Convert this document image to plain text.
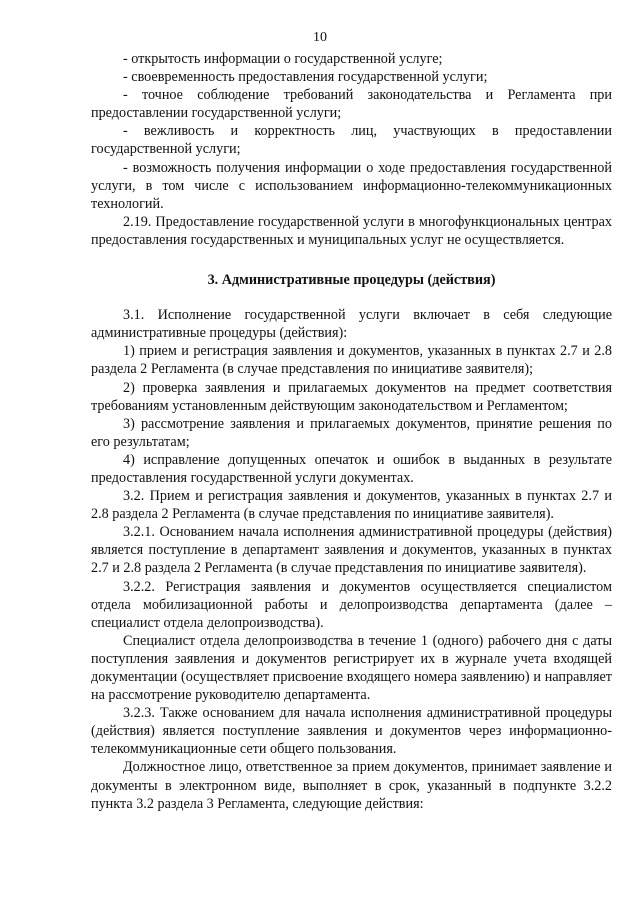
10

- открытость информации о государственной услуге;

- своевременность предоставления государственной услуги;

- точное соблюдение требований законодательства и Регламента при предоставлении государственной услуги;

- вежливость и корректность лиц, участвующих в предоставлении государственной услуги;

- возможность получения информации о ходе предоставления государственной услуги, в том числе с использованием информационно-телекоммуникационных технологий.

2.19. Предоставление государственной услуги в многофункциональных центрах предоставления государственных и муниципальных услуг не осуществляется.

3. Административные процедуры (действия)

3.1. Исполнение государственной услуги включает в себя следующие административные процедуры (действия):

1) прием и регистрация заявления и документов, указанных в пунктах 2.7 и 2.8 раздела 2 Регламента (в случае представления по инициативе заявителя);

2) проверка заявления и прилагаемых документов на предмет соответствия требованиям установленным действующим законодательством и Регламентом;

3) рассмотрение заявления и прилагаемых документов, принятие решения по его результатам;

4) исправление допущенных опечаток и ошибок в выданных в результате предоставления государственной услуги документах.

3.2. Прием и регистрация заявления и документов, указанных в пунктах 2.7 и 2.8 раздела 2 Регламента (в случае представления по инициативе заявителя).

3.2.1. Основанием начала исполнения административной процедуры (действия) является поступление в департамент заявления и документов, указанных в пунктах 2.7 и 2.8 раздела 2 Регламента (в случае представления по инициативе заявителя).

3.2.2. Регистрация заявления и документов осуществляется специалистом отдела мобилизационной работы и делопроизводства департамента (далее – специалист отдела делопроизводства).

Специалист отдела делопроизводства в течение 1 (одного) рабочего дня с даты поступления заявления и документов регистрирует их в журнале учета входящей документации (осуществляет присвоение входящего номера заявлению) и направляет на рассмотрение руководителю департамента.

3.2.3. Также основанием для начала исполнения административной процедуры (действия) является поступление заявления и документов через информационно-телекоммуникационные сети общего пользования.

Должностное лицо, ответственное за прием документов, принимает заявление и документы в электронном виде, выполняет в срок, указанный в подпункте 3.2.2 пункта 3.2 раздела 3 Регламента, следующие действия:
